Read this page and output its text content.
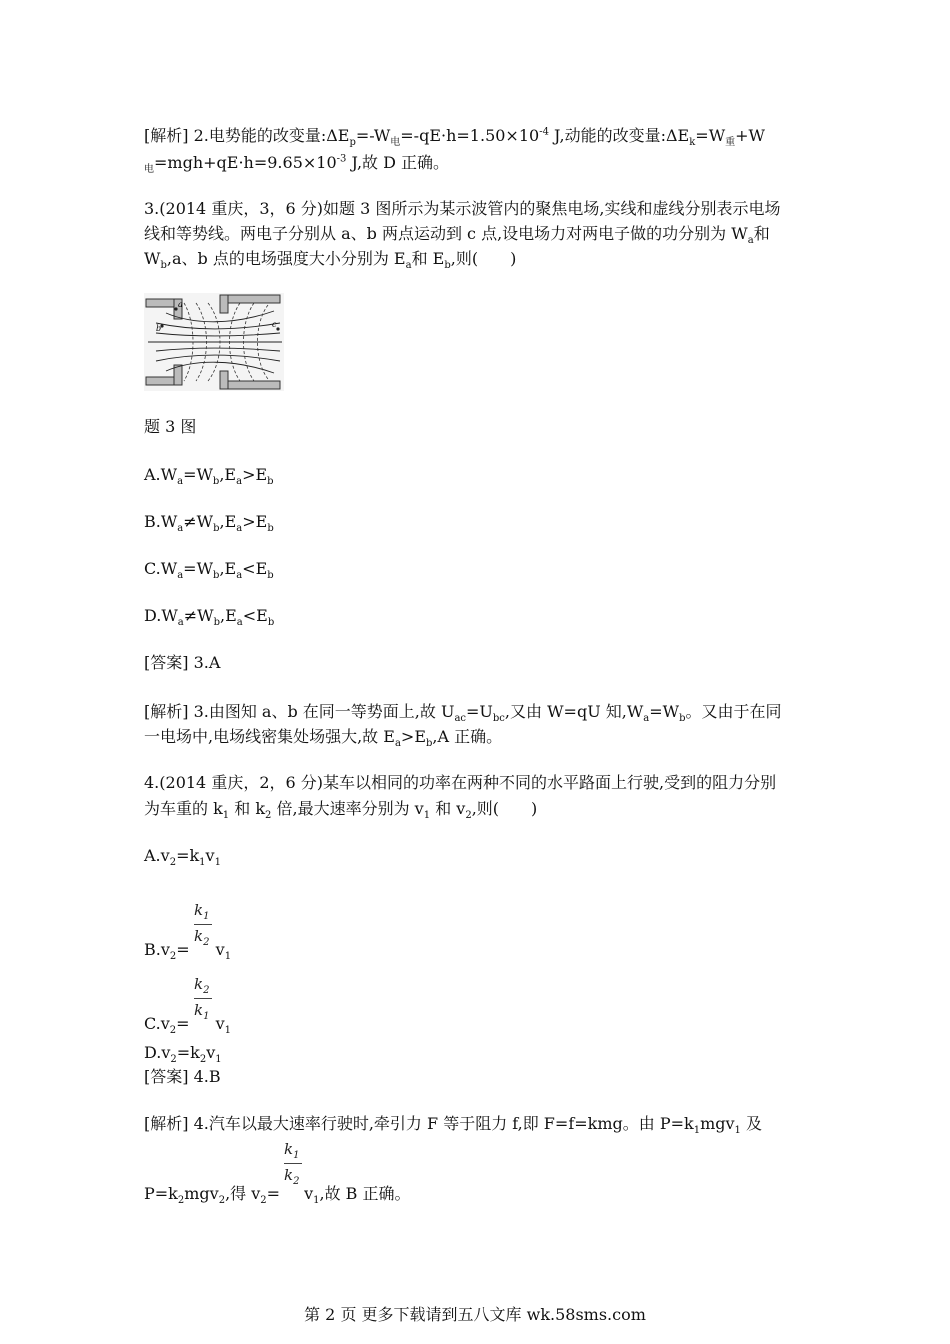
[解析] 2.电势能的改变量$:\Delta E_p=-W_电=-qE\cdot h=1.50\times 10^{-4}$ J,动能的改变量$:\Delta E_k=W_重+W$
$_电=mgh+qE\cdot h=9.65\times 10^{-3}$ J,故 D 正确。
3.(2014 重庆，3，6 分)如题 3 图所示为某示波管内的聚焦电场,实线和虚线分别表示电场
线和等势线。两电子分别从 a、b 两点运动到 c 点,设电场力对两电子做的功分别为 $W_a$和
$W_b,a$、b 点的电场强度大小分别为 $E_a$和 $E_b$,则(　　)
a
b	c
题 3 图
$A.W_a=W_b,E_a>E_b$
$B.W_a\ne W_b,E_a>E_b$
$C.W_a=W_b,E_a<E_b$
$D.W_a\ne W_b,E_a<E_b$
[答案] 3.A
[解析] 3.由图知 a、b 在同一等势面上,故 $U_{ac}=U_{bc}$,又由 W=qU 知$,W_a=W_b$。又由于在同
一电场中,电场线密集处场强大,故 $E_a>E_b,A$ 正确。
4.(2014 重庆，2，6 分)某车以相同的功率在两种不同的水平路面上行驶,受到的阻力分别
为车重的 $k_1$ 和 $k_2$ 倍,最大速率分别为 $v_1$ 和 $v_2$,则(　　)
$A.v_2=k_1v_1$
$k_1$
$k_2$
$B.v_2= v_1$
$k_2$
$k_1$
$C.v_2= v_1$
$D.v_2=k_2v_1$
[答案] 4.B
[解析] 4.汽车以最大速率行驶时,牵引力 F 等于阻力 f,即 F=f=kmg。由 $P=k_1mgv_1$ 及
$k_1$
$k_2$
$P=k_2mgv_2$,得 $v_2= v_1$,故 B 正确。
第 2 页 更多下载请到五八文库 wk.58sms.com
